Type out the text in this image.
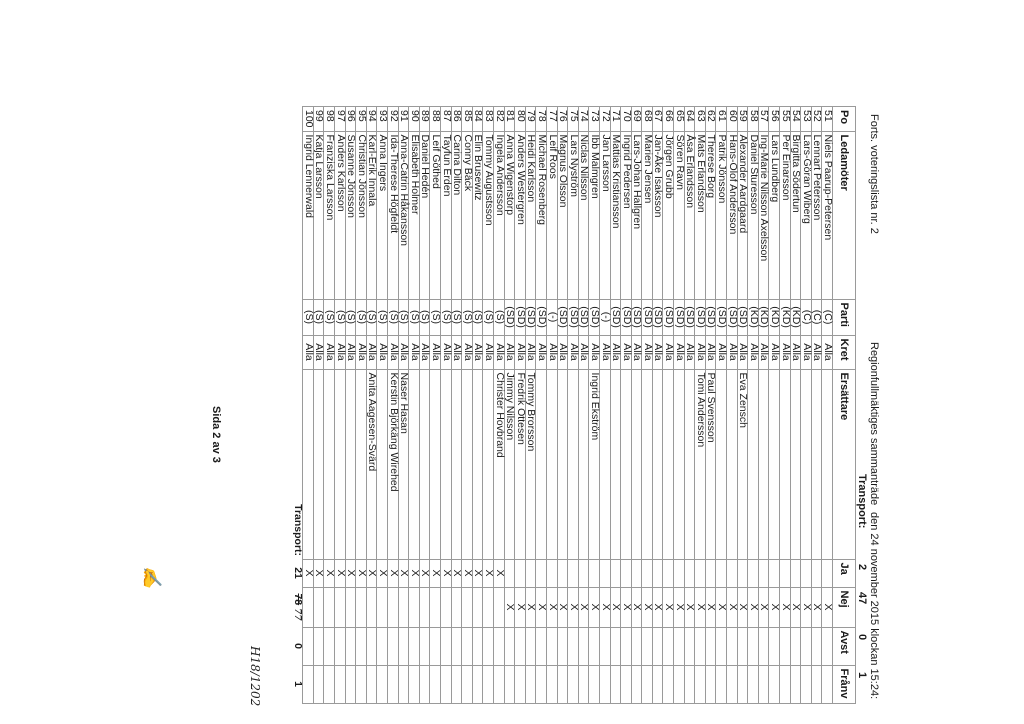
Forts. voteringslista nr. 2
Regionfullmäktiges sammanträde
den 24 november 2015 klockan 15:24:
Transport:
2
47
0
1
Po	Ledamöter	Parti	Kret	Ersättare	Ja	Nej	Avst	Frånv
51	Niels Paarup-Petersen	(C)	Alla			X		
52	Lennart Petersson	(C)	Alla			X		
53	Lars-Göran Wiberg	(C)	Alla			X		
54	Birgitta Södertun	(KD)	Alla			X		
55	Per Einarsson	(KD)	Alla			X		
56	Lars Lundberg	(KD)	Alla			X		
57	Ing-Marie Nilsson Axelsson	(KD)	Alla			X		
58	Daniel Sturesson	(KD)	Alla			X		
59	Alexander Aardgaard	(SD)	Alla	Eva Zensch		X		
60	Hans-Olof Andersson	(SD)	Alla			X		
61	Patrik Jönsson	(SD)	Alla			X		
62	Therese Borg	(SD)	Alla	Paul Svensson		X		
63	Mats Erlandsson	(SD)	Alla	Tomi Andersson		X		
64	Åsa Erlandsson	(SD)	Alla			X		
65	Sören Ravn	(SD)	Alla			X		
66	Jörgen Grubb	(SD)	Alla			X		
67	Jan-Åke Isaksson	(SD)	Alla			X		
68	Marien Jensen	(SD)	Alla			X		
69	Lars-Johan Hallgren	(SD)	Alla			X		
70	Ingrid Pedersen	(SD)	Alla			X		
71	Mattias Kristiansson	(SD)	Alla			X		
72	Jan Larsson	(-)	Alla			X		
73	Ibb Malmgren	(SD)	Alla	Ingrid Ekström		X		
74	Niclas Nilsson	(SD)	Alla			X		
75	Lars Nyström	(SD)	Alla			X		
76	Magnus Olsson	(SD)	Alla			X		
77	Leif Roos	(-)	Alla			X		
78	Michael Rosenberg	(SD)	Alla			X		
79	Heidi Karlsson	(SD)	Alla	Tommy Brorsson		X		
80	Anders Westergren	(SD)	Alla	Fredrik Ottesen		X		
81	Anna Wigenstorp	(SD)	Alla	Jimmy Nilsson		X		
82	Ingela Andersson	(S)	Alla	Christer Hovbrand	X			
83	Tommy Augustsson	(S)	Alla		X			
84	Elin Brusewitz	(S)	Alla		X			
85	Conny Bäck	(S)	Alla		X			
86	Carina Dilton	(S)	Alla		X			
87	Tayfun Erden	(S)	Alla		X			
88	Leif Göthed	(S)	Alla		X			
89	Daniel Hedén	(S)	Alla		X			
90	Elisabeth Holmer	(S)	Alla		X			
91	Anna-Catrin Håkansson	(S)	Alla	Naser Hasan	X			
92	Ida-Therese Högfeldt	(S)	Alla	Kerstin Björkäng Wirehed	X			
93	Anna Ingers	(S)	Alla		X			
94	Karl-Erik Innala	(S)	Alla	Anita Aagesen-Svärd	X			
95	Christian Jönsson	(S)	Alla		X			
96	Susanne Jönsson	(S)	Alla		X			
97	Anders Karlsson	(S)	Alla		X			
98	Franziska Larsson	(S)	Alla		X			
99	Katja Larsson	(S)	Alla		X			
100	Ingrid Lennerwald	(S)	Alla		X			
				Transport:	21	78 77	0	1
Sida 2 av 3
H18/1202
✍
